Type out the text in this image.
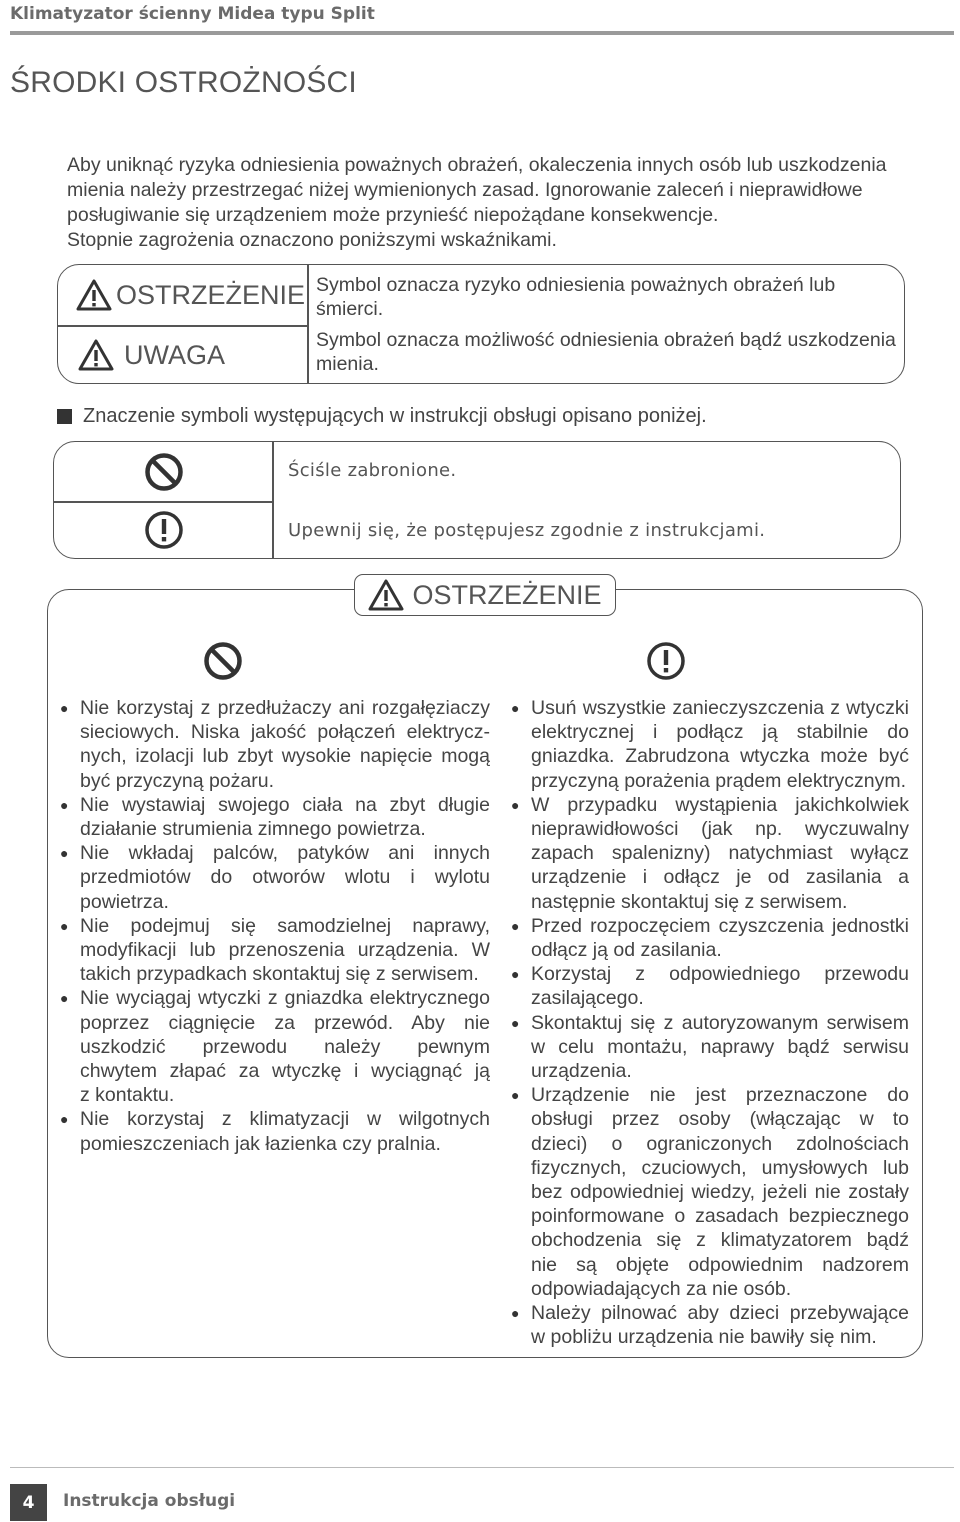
Klimatyzator ścienny Midea typu Split
ŚRODKI OSTROŻNOŚCI

Aby uniknąć ryzyka odniesienia poważnych obrażeń, okaleczenia innych osób lub uszkodzenia

mienia należy przestrzegać niżej wymienionych zasad. Ignorowanie zaleceń i nieprawidłowe

posługiwanie się urządzeniem może przynieść niepożądane konsekwencje.

Stopnie zagrożenia oznaczono poniższymi wskaźnikami.

OSTRZEŻENIE Symbol oznacza ryzyko odniesienia poważnych obrażeń lub
śmierci.
UWAGA	Symbol oznacza możliwość odniesienia obrażeń bądź uszkodzenia
mienia.
Znaczenie symboli występujących w instrukcji obsługi opisano poniżej.
Ściśle zabronione.
Upewnij się, że postępujesz zgodnie z instrukcjami.
OSTRZEŻENIE
● Nie korzystaj z przedłużaczy ani rozgałęziaczy
sieciowych. Niska jakość połączeń elektrycz-
nych, izolacji lub zbyt wysokie napięcie mogą
być przyczyną pożaru.
● Nie wystawiaj swojego ciała na zbyt długie
działanie strumienia zimnego powietrza.
● Nie wkładaj palców, patyków ani innych
przedmiotów do otworów wlotu i wylotu
powietrza.
● Nie podejmuj się samodzielnej naprawy,
modyfikacji lub przenoszenia urządzenia. W
takich przypadkach skontaktuj się z serwisem.
● Nie wyciągaj wtyczki z gniazdka elektrycznego
poprzez ciągnięcie za przewód. Aby nie
uszkodzić przewodu należy pewnym
chwytem złapać za wtyczkę i wyciągnąć ją
z kontaktu.
● Nie korzystaj z klimatyzacji w wilgotnych
pomieszczeniach jak łazienka czy pralnia.
● Usuń wszystkie zanieczyszczenia z wtyczki
elektrycznej i podłącz ją stabilnie do
gniazdka. Zabrudzona wtyczka może być
przyczyną porażenia prądem elektrycznym.
● W przypadku wystąpienia jakichkolwiek
nieprawidłowości (jak np. wyczuwalny
zapach spalenizny) natychmiast wyłącz
urządzenie i odłącz je od zasilania a
następnie skontaktuj się z serwisem.
● Przed rozpoczęciem czyszczenia jednostki
odłącz ją od zasilania.
● Korzystaj z odpowiedniego przewodu
zasilającego.
● Skontaktuj się z autoryzowanym serwisem
w celu montażu, naprawy bądź serwisu
urządzenia.
● Urządzenie nie jest przeznaczone do
obsługi przez osoby (włączając w to
dzieci) o ograniczonych zdolnościach
fizycznych, czuciowych, umysłowych lub
bez odpowiedniej wiedzy, jeżeli nie zostały
poinformowane o zasadach bezpiecznego
obchodzenia się z klimatyzatorem bądź
nie są objęte odpowiednim nadzorem
odpowiadających za nie osób.
● Należy pilnować aby dzieci przebywające
w pobliżu urządzenia nie bawiły się nim.
4	Instrukcja obsługi
